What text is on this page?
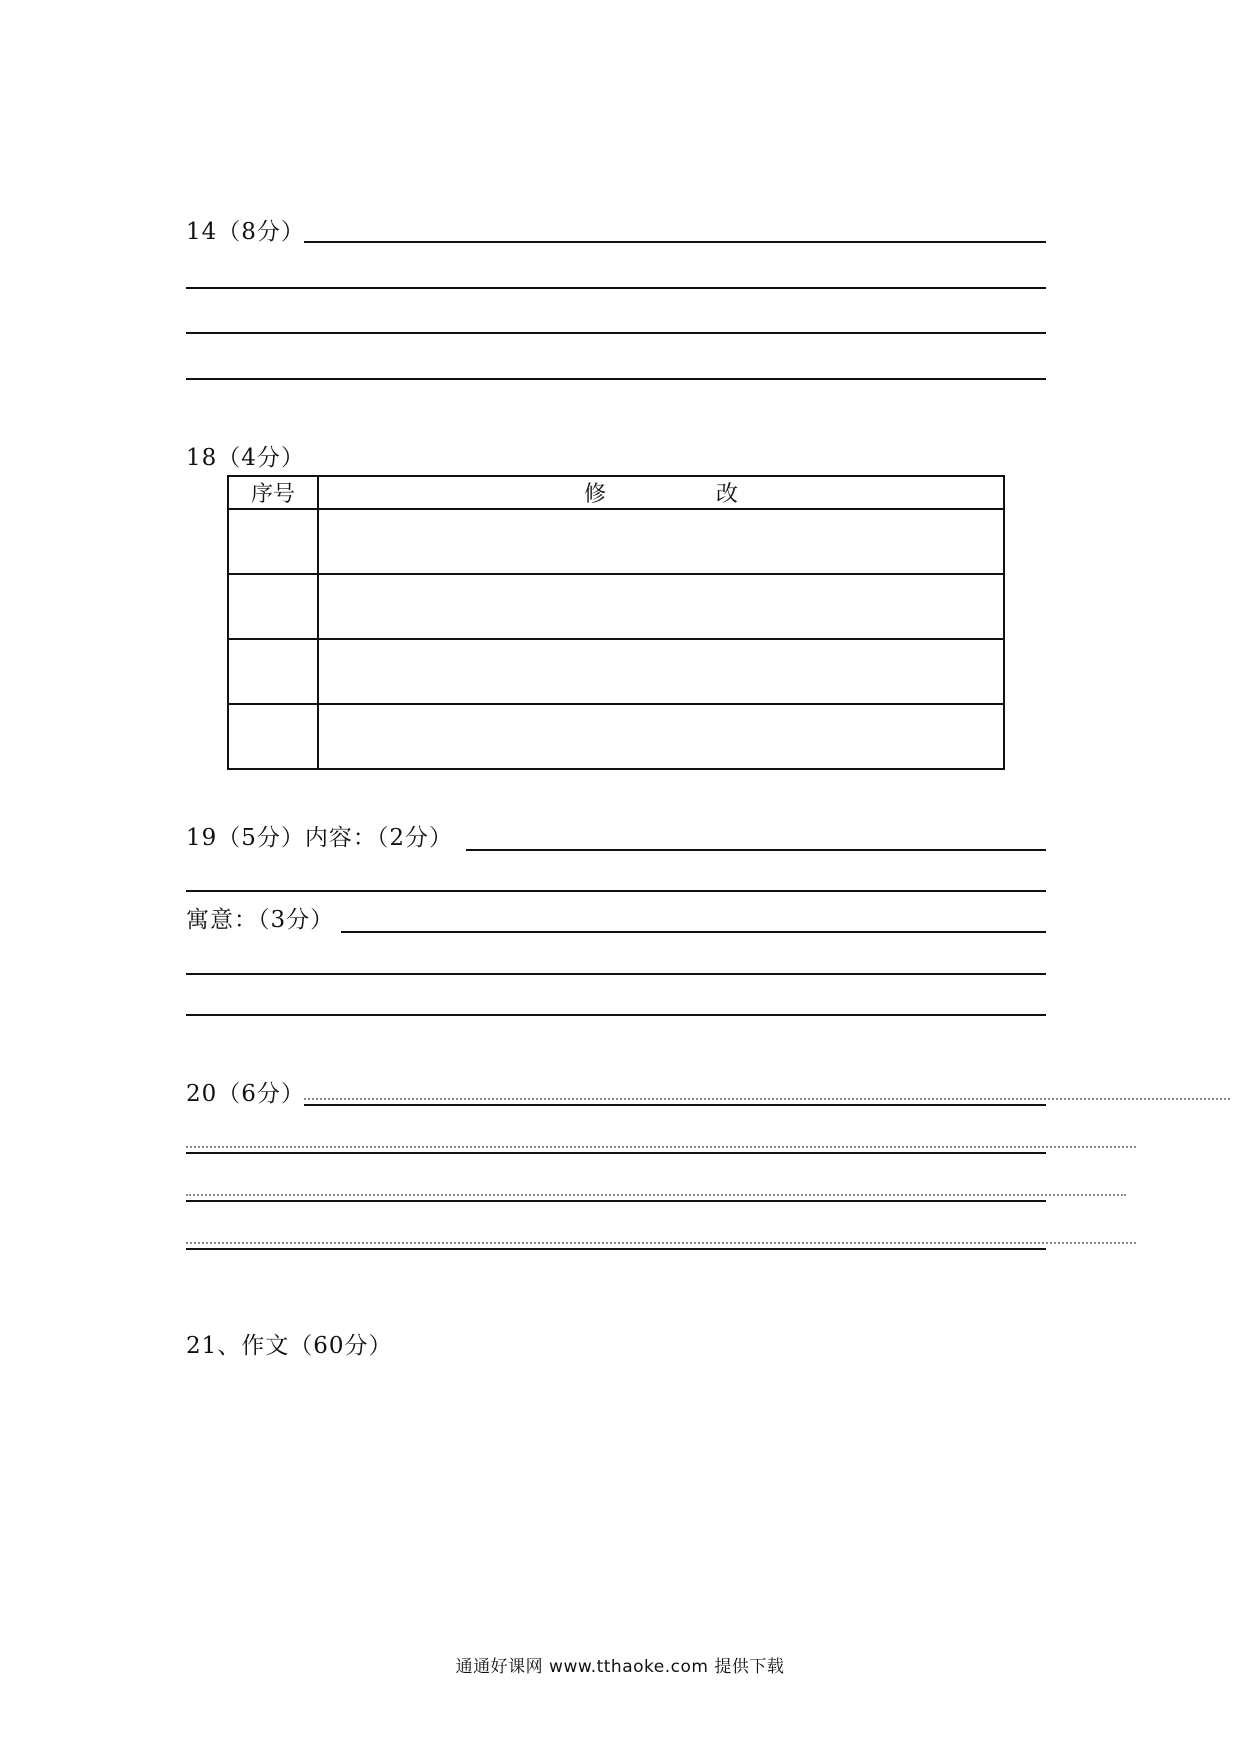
14（8分）
18（4分）
序号	修 改

19（5分）内容：（2分）
寓意：（3分）
20（6分）
21、作文（60分）
通通好课网 www.tthaoke.com 提供下载
